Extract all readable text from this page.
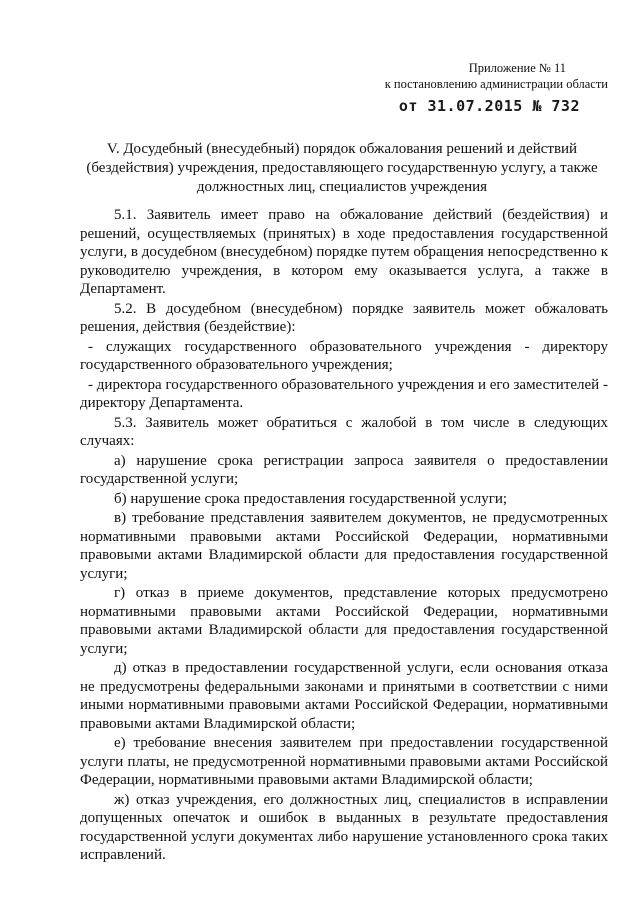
Приложение № 11
к постановлению администрации области
от 31.07.2015 № 732
V. Досудебный (внесудебный) порядок обжалования решений и действий (бездействия) учреждения, предоставляющего государственную услугу, а также должностных лиц, специалистов учреждения

5.1. Заявитель имеет право на обжалование действий (бездействия) и решений, осуществляемых (принятых) в ходе предоставления государственной услуги, в досудебном (внесудебном) порядке путем обращения непосредственно к руководителю учреждения, в котором ему оказывается услуга, а также в Департамент.

5.2. В досудебном (внесудебном) порядке заявитель может обжаловать решения, действия (бездействие):

- служащих государственного образовательного учреждения - директору государственного образовательного учреждения;

- директора государственного образовательного учреждения и его заместителей - директору Департамента.

5.3. Заявитель может обратиться с жалобой в том числе в следующих случаях:

а) нарушение срока регистрации запроса заявителя о предоставлении государственной услуги;

б) нарушение срока предоставления государственной услуги;

в) требование представления заявителем документов, не предусмотренных нормативными правовыми актами Российской Федерации, нормативными правовыми актами Владимирской области для предоставления государственной услуги;

г) отказ в приеме документов, представление которых предусмотрено нормативными правовыми актами Российской Федерации, нормативными правовыми актами Владимирской области для предоставления государственной услуги;

д) отказ в предоставлении государственной услуги, если основания отказа не предусмотрены федеральными законами и принятыми в соответствии с ними иными нормативными правовыми актами Российской Федерации, нормативными правовыми актами Владимирской области;

е) требование внесения заявителем при предоставлении государственной услуги платы, не предусмотренной нормативными правовыми актами Российской Федерации, нормативными правовыми актами Владимирской области;

ж) отказ учреждения, его должностных лиц, специалистов в исправлении допущенных опечаток и ошибок в выданных в результате предоставления государственной услуги документах либо нарушение установленного срока таких исправлений.
